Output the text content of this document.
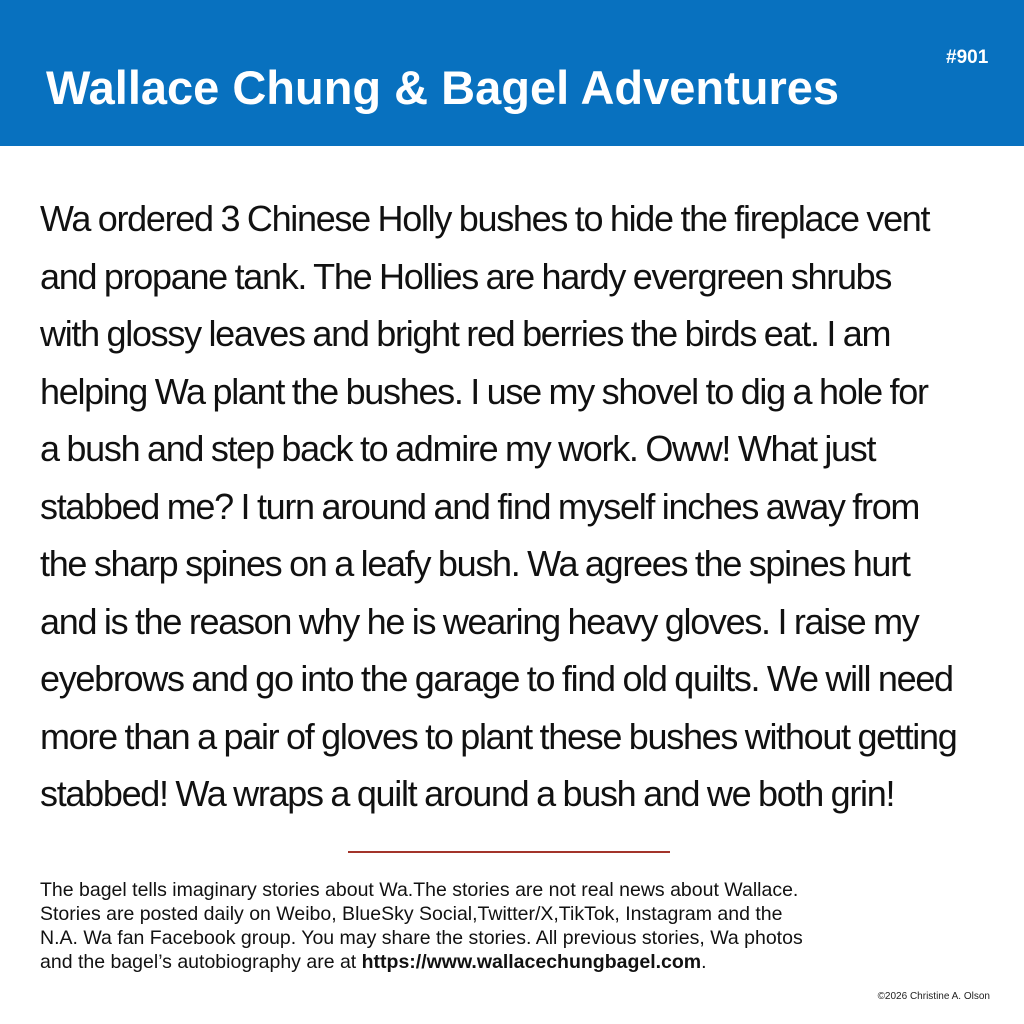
Wallace Chung & Bagel Adventures
#901
Wa ordered 3 Chinese Holly bushes to hide the fireplace vent
and propane tank. The Hollies are hardy evergreen shrubs
with glossy leaves and bright red berries the birds eat. I am
helping Wa plant the bushes. I use my shovel to dig a hole for
a bush and step back to admire my work. Oww! What just
stabbed me? I turn around and find myself inches away from
the sharp spines on a leafy bush. Wa agrees the spines hurt
and is the reason why he is wearing heavy gloves. I raise my
eyebrows and go into the garage to find old quilts. We will need
more than a pair of gloves to plant these bushes without getting
stabbed! Wa wraps a quilt around a bush and we both grin!
The bagel tells imaginary stories about Wa.The stories are not real news about Wallace.
Stories are posted daily on Weibo, BlueSky Social,Twitter/X,TikTok, Instagram and the
N.A. Wa fan Facebook group. You may share the stories. All previous stories, Wa photos
and the bagel’s autobiography are at https://www.wallacechungbagel.com.
©2026 Christine A. Olson
